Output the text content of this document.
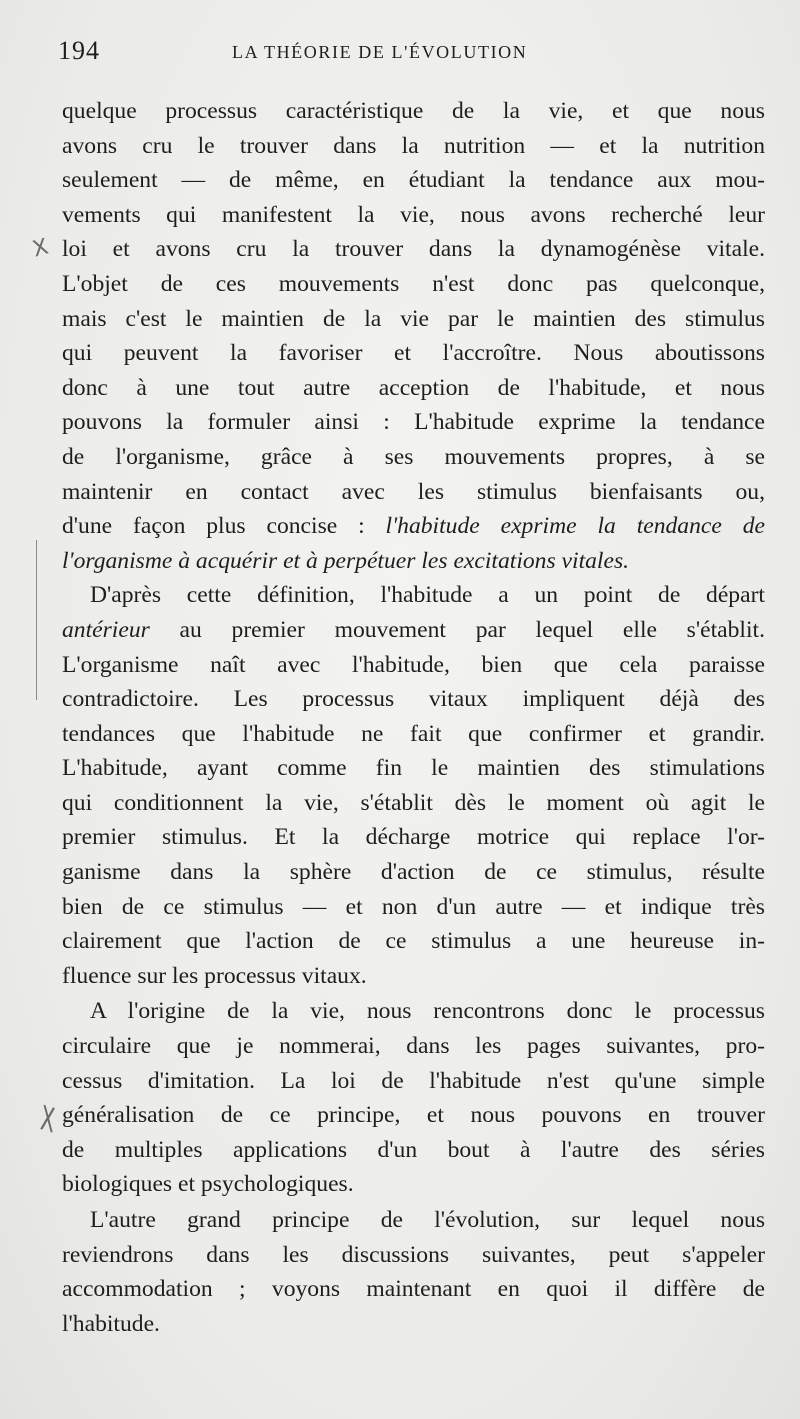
194	LA THÉORIE DE L'ÉVOLUTION
X
X
quelque processus caractéristique de la vie, et que nous
avons cru le trouver dans la nutrition — et la nutrition
seulement — de même, en étudiant la tendance aux mou-
vements qui manifestent la vie, nous avons recherché leur
loi et avons cru la trouver dans la dynamogénèse vitale.
L'objet de ces mouvements n'est donc pas quelconque,
mais c'est le maintien de la vie par le maintien des stimulus
qui peuvent la favoriser et l'accroître. Nous aboutissons
donc à une tout autre acception de l'habitude, et nous
pouvons la formuler ainsi : L'habitude exprime la tendance
de l'organisme, grâce à ses mouvements propres, à se
maintenir en contact avec les stimulus bienfaisants ou,
d'une façon plus concise : l'habitude exprime la tendance de
l'organisme à acquérir et à perpétuer les excitations vitales.
D'après cette définition, l'habitude a un point de départ
antérieur au premier mouvement par lequel elle s'établit.
L'organisme naît avec l'habitude, bien que cela paraisse
contradictoire. Les processus vitaux impliquent déjà des
tendances que l'habitude ne fait que confirmer et grandir.
L'habitude, ayant comme fin le maintien des stimulations
qui conditionnent la vie, s'établit dès le moment où agit le
premier stimulus. Et la décharge motrice qui replace l'or-
ganisme dans la sphère d'action de ce stimulus, résulte
bien de ce stimulus — et non d'un autre — et indique très
clairement que l'action de ce stimulus a une heureuse in-
fluence sur les processus vitaux.
A l'origine de la vie, nous rencontrons donc le processus
circulaire que je nommerai, dans les pages suivantes, pro-
cessus d'imitation. La loi de l'habitude n'est qu'une simple
généralisation de ce principe, et nous pouvons en trouver
de multiples applications d'un bout à l'autre des séries
biologiques et psychologiques.
L'autre grand principe de l'évolution, sur lequel nous
reviendrons dans les discussions suivantes, peut s'appeler
accommodation ; voyons maintenant en quoi il diffère de
l'habitude.
